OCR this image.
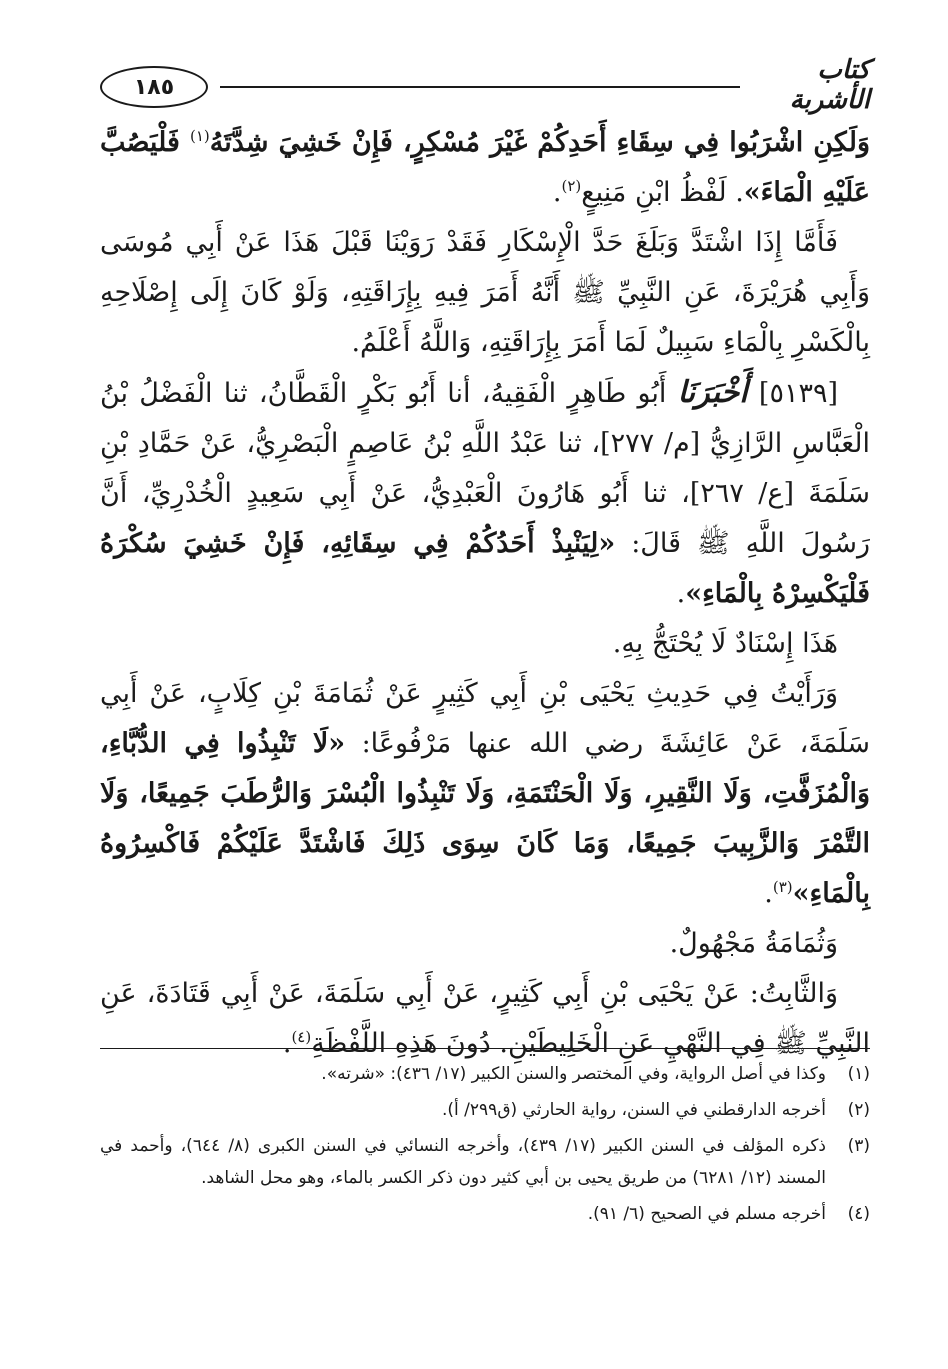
١٨٥
كتاب الأشربة

وَلَكِنِ اشْرَبُوا فِي سِقَاءِ أَحَدِكُمْ غَيْرَ مُسْكِرٍ، فَإِنْ خَشِيَ شِدَّتَهُ$^{(١)}$ فَلْيَصُبَّ عَلَيْهِ الْمَاءَ». لَفْظُ ابْنِ مَنِيعٍ$^{(٢)}$.

فَأَمَّا إِذَا اشْتَدَّ وَبَلَغَ حَدَّ الْإِسْكَارِ فَقَدْ رَوَيْنَا قَبْلَ هَذَا عَنْ أَبِي مُوسَى وَأَبِي هُرَيْرَةَ، عَنِ النَّبِيِّ ﷺ أَنَّهُ أَمَرَ فِيهِ بِإِرَاقَتِهِ، وَلَوْ كَانَ إِلَى إِصْلَاحِهِ بِالْكَسْرِ بِالْمَاءِ سَبِيلٌ لَمَا أَمَرَ بِإِرَاقَتِهِ، وَاللَّهُ أَعْلَمُ.

[٥١٣٩] أَخْبَرَنَا أَبُو طَاهِرٍ الْفَقِيهُ، أنا أَبُو بَكْرٍ الْقَطَّانُ، ثنا الْفَضْلُ بْنُ الْعَبَّاسِ الرَّازِيُّ [م/ ٢٧٧]، ثنا عَبْدُ اللَّهِ بْنُ عَاصِمٍ الْبَصْرِيُّ، عَنْ حَمَّادِ بْنِ سَلَمَةَ [ع/ ٢٦٧]، ثنا أَبُو هَارُونَ الْعَبْدِيُّ، عَنْ أَبِي سَعِيدٍ الْخُدْرِيِّ، أَنَّ رَسُولَ اللَّهِ ﷺ قَالَ: «لِيَنْبِذْ أَحَدُكُمْ فِي سِقَائِهِ، فَإِنْ خَشِيَ سُكْرَهُ فَلْيَكْسِرْهُ بِالْمَاءِ».

هَذَا إِسْنَادٌ لَا يُحْتَجُّ بِهِ.

وَرَأَيْتُ فِي حَدِيثِ يَحْيَى بْنِ أَبِي كَثِيرٍ عَنْ ثُمَامَةَ بْنِ كِلَابٍ، عَنْ أَبِي سَلَمَةَ، عَنْ عَائِشَةَ رضي الله عنها مَرْفُوعًا: «لَا تَنْبِذُوا فِي الدُّبَّاءِ، وَالْمُزَفَّتِ، وَلَا النَّقِيرِ، وَلَا الْحَنْتَمَةِ، وَلَا تَنْبِذُوا الْبُسْرَ وَالرُّطَبَ جَمِيعًا، وَلَا التَّمْرَ وَالزَّبِيبَ جَمِيعًا، وَمَا كَانَ سِوَى ذَلِكَ فَاشْتَدَّ عَلَيْكُمْ فَاكْسِرُوهُ بِالْمَاءِ»$^{(٣)}$.

وَثُمَامَةُ مَجْهُولٌ.

وَالثَّابِتُ: عَنْ يَحْيَى بْنِ أَبِي كَثِيرٍ، عَنْ أَبِي سَلَمَةَ، عَنْ أَبِي قَتَادَةَ، عَنِ النَّبِيِّ ﷺ فِي النَّهْيِ عَنِ الْخَلِيطَيْنِ. دُونَ هَذِهِ اللَّفْظَةِ$^{(٤)}$.

(١)
وكذا في أصل الرواية، وفي المختصر والسنن الكبير (١٧/ ٤٣٦): «شرته».
(٢)
أخرجه الدارقطني في السنن، رواية الحارثي (ق٢٩٩/ أ).
(٣)
ذكره المؤلف في السنن الكبير (١٧/ ٤٣٩)، وأخرجه النسائي في السنن الكبرى (٨/ ٦٤٤)، وأحمد في المسند (١٢/ ٦٢٨١) من طريق يحيى بن أبي كثير دون ذكر الكسر بالماء، وهو محل الشاهد.
(٤)
أخرجه مسلم في الصحيح (٦/ ٩١).
